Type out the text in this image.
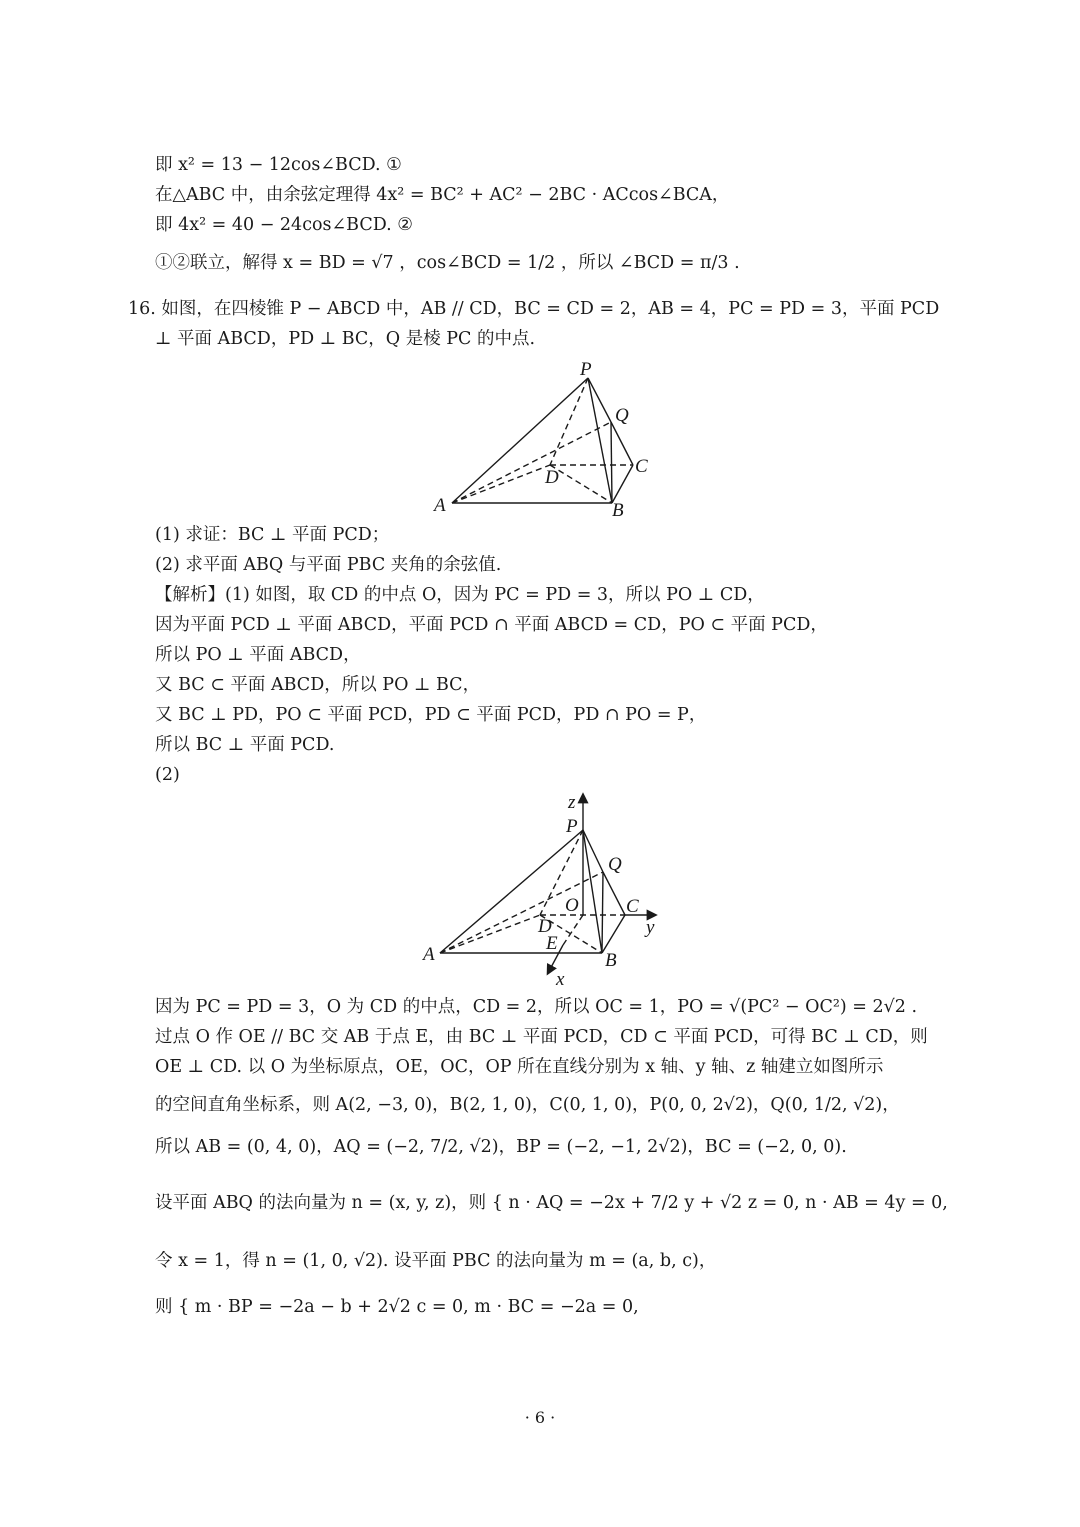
即 x² = 13 − 12cos∠BCD. ①
在△ABC 中，由余弦定理得 4x² = BC² + AC² − 2BC · ACcos∠BCA，
即 4x² = 40 − 24cos∠BCD. ②
①②联立，解得 x = BD = √7 ，cos∠BCD = 1/2 ，所以 ∠BCD = π/3 .
16. 如图，在四棱锥 P − ABCD 中，AB // CD，BC = CD = 2，AB = 4，PC = PD = 3，平面 PCD
⊥ 平面 ABCD，PD ⊥ BC，Q 是棱 PC 的中点.
P
Q
C
D
A	B
(1) 求证：BC ⊥ 平面 PCD；
(2) 求平面 ABQ 与平面 PBC 夹角的余弦值.
【解析】(1) 如图，取 CD 的中点 O，因为 PC = PD = 3，所以 PO ⊥ CD，
因为平面 PCD ⊥ 平面 ABCD，平面 PCD ∩ 平面 ABCD = CD，PO ⊂ 平面 PCD，
所以 PO ⊥ 平面 ABCD，
又 BC ⊂ 平面 ABCD，所以 PO ⊥ BC，
又 BC ⊥ PD，PO ⊂ 平面 PCD，PD ⊂ 平面 PCD，PD ∩ PO = P，
所以 BC ⊥ 平面 PCD.
(2)
z
P
Q
O C
y
D
E
A	B
x
因为 PC = PD = 3，O 为 CD 的中点，CD = 2，所以 OC = 1，PO = √(PC² − OC²) = 2√2 .
过点 O 作 OE // BC 交 AB 于点 E，由 BC ⊥ 平面 PCD，CD ⊂ 平面 PCD，可得 BC ⊥ CD，则
OE ⊥ CD. 以 O 为坐标原点，OE，OC，OP 所在直线分别为 x 轴、y 轴、z 轴建立如图所示
的空间直角坐标系，则 A(2, −3, 0)，B(2, 1, 0)，C(0, 1, 0)，P(0, 0, 2√2)，Q(0, 1/2, √2)，
所以 AB = (0, 4, 0)，AQ = (−2, 7/2, √2)，BP = (−2, −1, 2√2)，BC = (−2, 0, 0).
设平面 ABQ 的法向量为 n = (x, y, z)，则 { n · AQ = −2x + 7/2 y + √2 z = 0, n · AB = 4y = 0,
令 x = 1，得 n = (1, 0, √2). 设平面 PBC 的法向量为 m = (a, b, c)，
则 { m · BP = −2a − b + 2√2 c = 0, m · BC = −2a = 0,
· 6 ·
